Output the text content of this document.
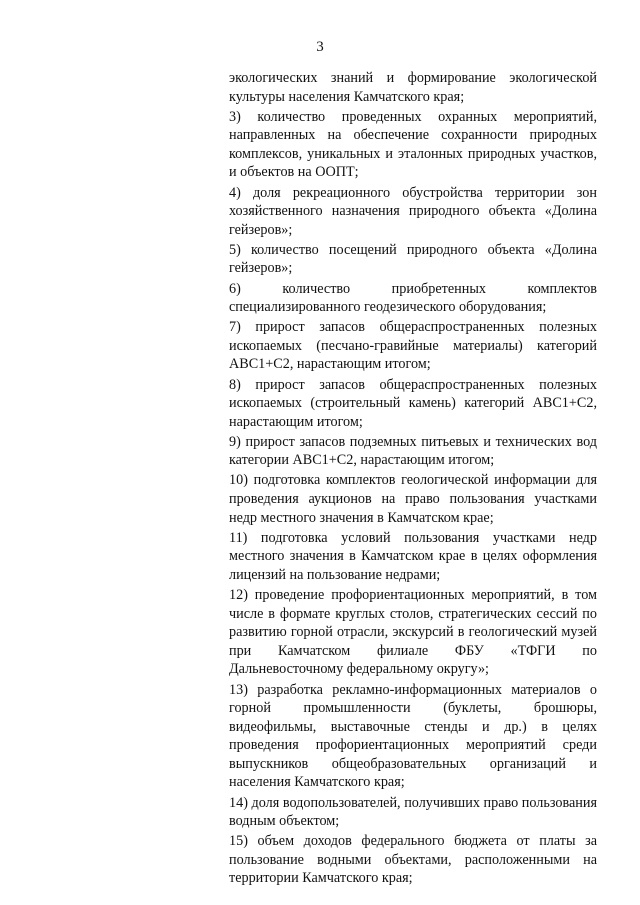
3

экологических знаний и формирование экологической культуры населения Камчатского края;

3) количество проведенных охранных мероприятий, направленных на обеспечение сохранности природных комплексов, уникальных и эталонных природных участков, и объектов на ООПТ;

4) доля рекреационного обустройства территории зон хозяйственного назначения природного объекта «Долина гейзеров»;

5) количество посещений природного объекта «Долина гейзеров»;

6) количество приобретенных комплектов специализированного геодезического оборудования;

7) прирост запасов общераспространенных полезных ископаемых (песчано-гравийные материалы) категорий АВС1+С2, нарастающим итогом;

8) прирост запасов общераспространенных полезных ископаемых (строительный камень) категорий АВС1+С2, нарастающим итогом;

9) прирост запасов подземных питьевых и технических вод категории АВС1+С2, нарастающим итогом;

10) подготовка комплектов геологической информации для проведения аукционов на право пользования участками недр местного значения в Камчатском крае;

11) подготовка условий пользования участками недр местного значения в Камчатском крае в целях оформления лицензий на пользование недрами;

12) проведение профориентационных мероприятий, в том числе в формате круглых столов, стратегических сессий по развитию горной отрасли, экскурсий в геологический музей при Камчатском филиале ФБУ «ТФГИ по Дальневосточному федеральному округу»;

13) разработка рекламно-информационных материалов о горной промышленности (буклеты, брошюры, видеофильмы, выставочные стенды и др.) в целях проведения профориентационных мероприятий среди выпускников общеобразовательных организаций и населения Камчатского края;

14) доля водопользователей, получивших право пользования водным объектом;

15) объем доходов федерального бюджета от платы за пользование водными объектами, расположенными на территории Камчатского края;
